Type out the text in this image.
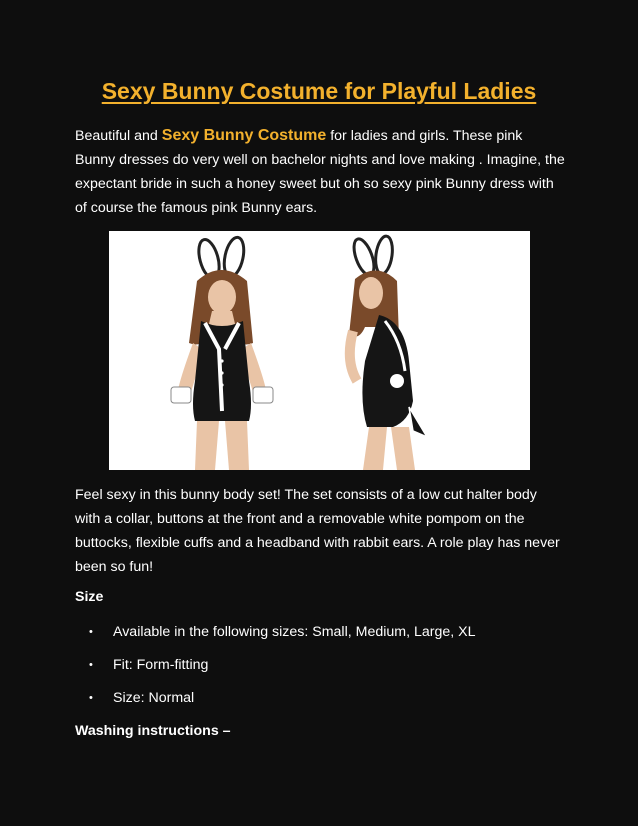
Sexy Bunny Costume for Playful Ladies

Beautiful and Sexy Bunny Costume for ladies and girls. These pink Bunny dresses do very well on bachelor nights and love making . Imagine, the expectant bride in such a honey sweet but oh so sexy pink Bunny dress with of course the famous pink Bunny ears.

Feel sexy in this bunny body set! The set consists of a low cut halter body with a collar, buttons at the front and a removable white pompom on the buttocks, flexible cuffs and a headband with rabbit ears. A role play has never been so fun!

Size

• Available in the following sizes: Small, Medium, Large, XL
• Fit: Form-fitting
• Size: Normal

Washing instructions –
